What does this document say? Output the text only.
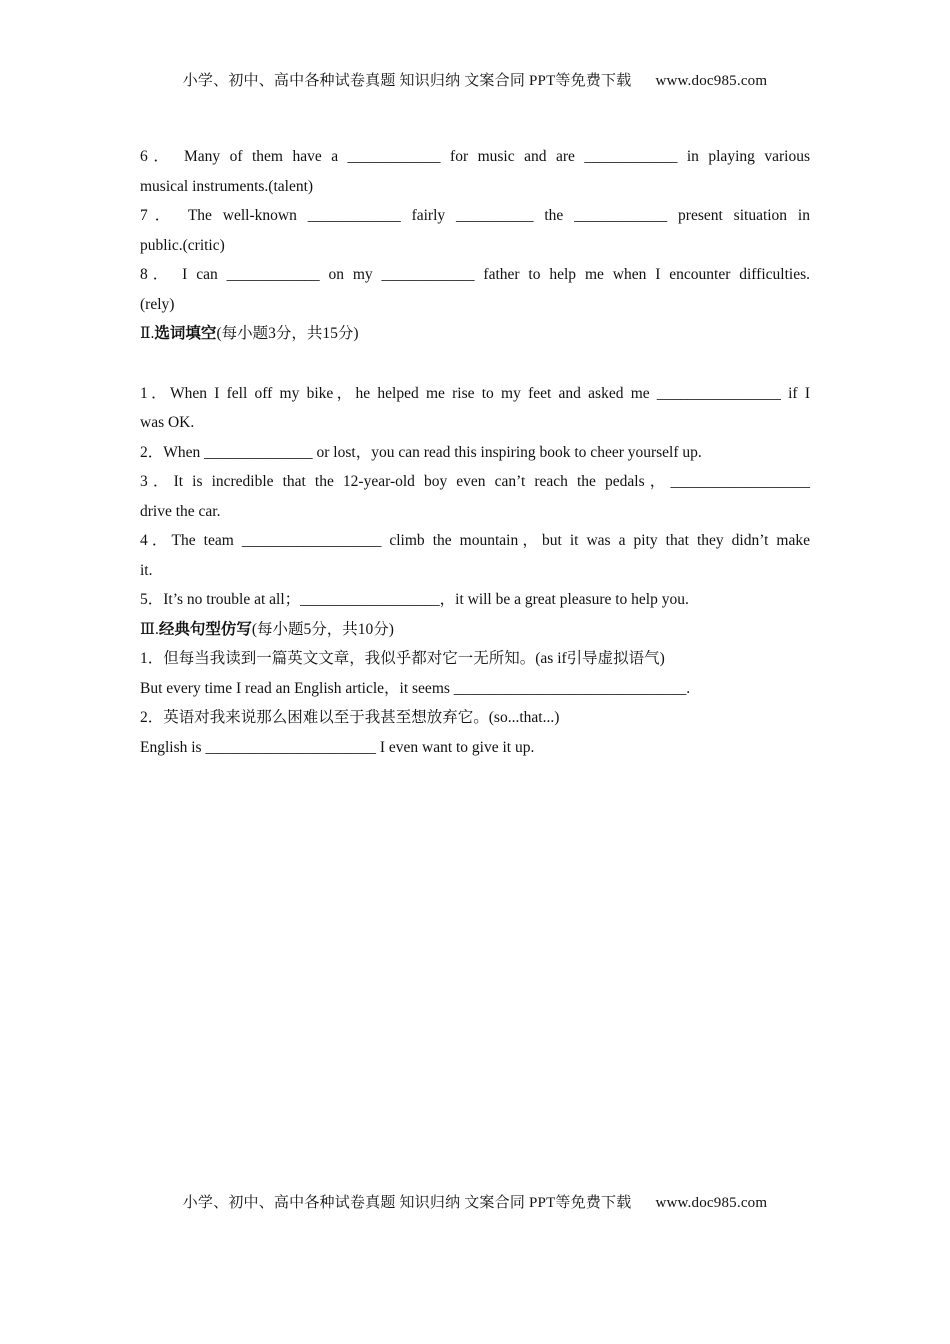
小学、初中、高中各种试卷真题 知识归纳 文案合同 PPT等免费下载 www.doc985.com
6． Many of them have a ____________ for music and are ____________ in playing various
musical instruments.(talent)
7． The well-known ____________ fairly __________ the ____________ present situation in
public.(critic)
8． I can ____________ on my ____________ father to help me when I encounter difficulties.
(rely)
Ⅱ.选词填空(每小题3分，共15分)
1．When I fell off my bike，he helped me rise to my feet and asked me ________________ if I
was OK.
2．When ______________ or lost，you can read this inspiring book to cheer yourself up.
3．It is incredible that the 12-year-old boy even can’t reach the pedals，__________________
drive the car.
4．The team __________________ climb the mountain，but it was a pity that they didn’t make
it.
5．It’s no trouble at all；__________________，it will be a great pleasure to help you.
Ⅲ.经典句型仿写(每小题5分，共10分)
1．但每当我读到一篇英文文章，我似乎都对它一无所知。(as if引导虚拟语气)
But every time I read an English article，it seems ______________________________.
2．英语对我来说那么困难以至于我甚至想放弃它。(so...that...)
English is ______________________ I even want to give it up.
小学、初中、高中各种试卷真题 知识归纳 文案合同 PPT等免费下载 www.doc985.com
